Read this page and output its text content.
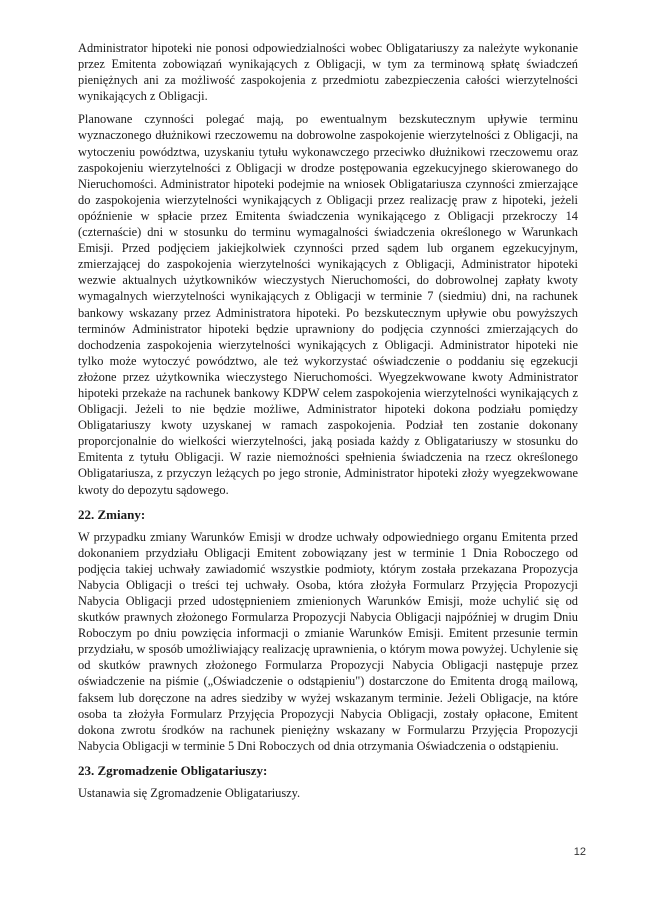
Administrator hipoteki nie ponosi odpowiedzialności wobec Obligatariuszy za należyte wykonanie przez Emitenta zobowiązań wynikających z Obligacji, w tym za terminową spłatę świadczeń pieniężnych ani za możliwość zaspokojenia z przedmiotu zabezpieczenia całości wierzytelności wynikających z Obligacji.

Planowane czynności polegać mają, po ewentualnym bezskutecznym upływie terminu wyznaczonego dłużnikowi rzeczowemu na dobrowolne zaspokojenie wierzytelności z Obligacji, na wytoczeniu powództwa, uzyskaniu tytułu wykonawczego przeciwko dłużnikowi rzeczowemu oraz zaspokojeniu wierzytelności z Obligacji w drodze postępowania egzekucyjnego skierowanego do Nieruchomości. Administrator hipoteki podejmie na wniosek Obligatariusza czynności zmierzające do zaspokojenia wierzytelności wynikających z Obligacji przez realizację praw z hipoteki, jeżeli opóźnienie w spłacie przez Emitenta świadczenia wynikającego z Obligacji przekroczy 14 (czternaście) dni w stosunku do terminu wymagalności świadczenia określonego w Warunkach Emisji. Przed podjęciem jakiejkolwiek czynności przed sądem lub organem egzekucyjnym, zmierzającej do zaspokojenia wierzytelności wynikających z Obligacji, Administrator hipoteki wezwie aktualnych użytkowników wieczystych Nieruchomości, do dobrowolnej zapłaty kwoty wymagalnych wierzytelności wynikających z Obligacji w terminie 7 (siedmiu) dni, na rachunek bankowy wskazany przez Administratora hipoteki. Po bezskutecznym upływie obu powyższych terminów Administrator hipoteki będzie uprawniony do podjęcia czynności zmierzających do dochodzenia zaspokojenia wierzytelności wynikających z Obligacji. Administrator hipoteki nie tylko może wytoczyć powództwo, ale też wykorzystać oświadczenie o poddaniu się egzekucji złożone przez użytkownika wieczystego Nieruchomości. Wyegzekwowane kwoty Administrator hipoteki przekaże na rachunek bankowy KDPW celem zaspokojenia wierzytelności wynikających z Obligacji. Jeżeli to nie będzie możliwe, Administrator hipoteki dokona podziału pomiędzy Obligatariuszy kwoty uzyskanej w ramach zaspokojenia. Podział ten zostanie dokonany proporcjonalnie do wielkości wierzytelności, jaką posiada każdy z Obligatariuszy w stosunku do Emitenta z tytułu Obligacji. W razie niemożności spełnienia świadczenia na rzecz określonego Obligatariusza, z przyczyn leżących po jego stronie, Administrator hipoteki złoży wyegzekwowane kwoty do depozytu sądowego.

22. Zmiany:

W przypadku zmiany Warunków Emisji w drodze uchwały odpowiedniego organu Emitenta przed dokonaniem przydziału Obligacji Emitent zobowiązany jest w terminie 1 Dnia Roboczego od podjęcia takiej uchwały zawiadomić wszystkie podmioty, którym została przekazana Propozycja Nabycia Obligacji o treści tej uchwały. Osoba, która złożyła Formularz Przyjęcia Propozycji Nabycia Obligacji przed udostępnieniem zmienionych Warunków Emisji, może uchylić się od skutków prawnych złożonego Formularza Propozycji Nabycia Obligacji najpóźniej w drugim Dniu Roboczym po dniu powzięcia informacji o zmianie Warunków Emisji. Emitent przesunie termin przydziału, w sposób umożliwiający realizację uprawnienia, o którym mowa powyżej. Uchylenie się od skutków prawnych złożonego Formularza Propozycji Nabycia Obligacji następuje przez oświadczenie na piśmie („Oświadczenie o odstąpieniu") dostarczone do Emitenta drogą mailową, faksem lub doręczone na adres siedziby w wyżej wskazanym terminie. Jeżeli Obligacje, na które osoba ta złożyła Formularz Przyjęcia Propozycji Nabycia Obligacji, zostały opłacone, Emitent dokona zwrotu środków na rachunek pieniężny wskazany w Formularzu Przyjęcia Propozycji Nabycia Obligacji w terminie 5 Dni Roboczych od dnia otrzymania Oświadczenia o odstąpieniu.

23. Zgromadzenie Obligatariuszy:

Ustanawia się Zgromadzenie Obligatariuszy.

12
